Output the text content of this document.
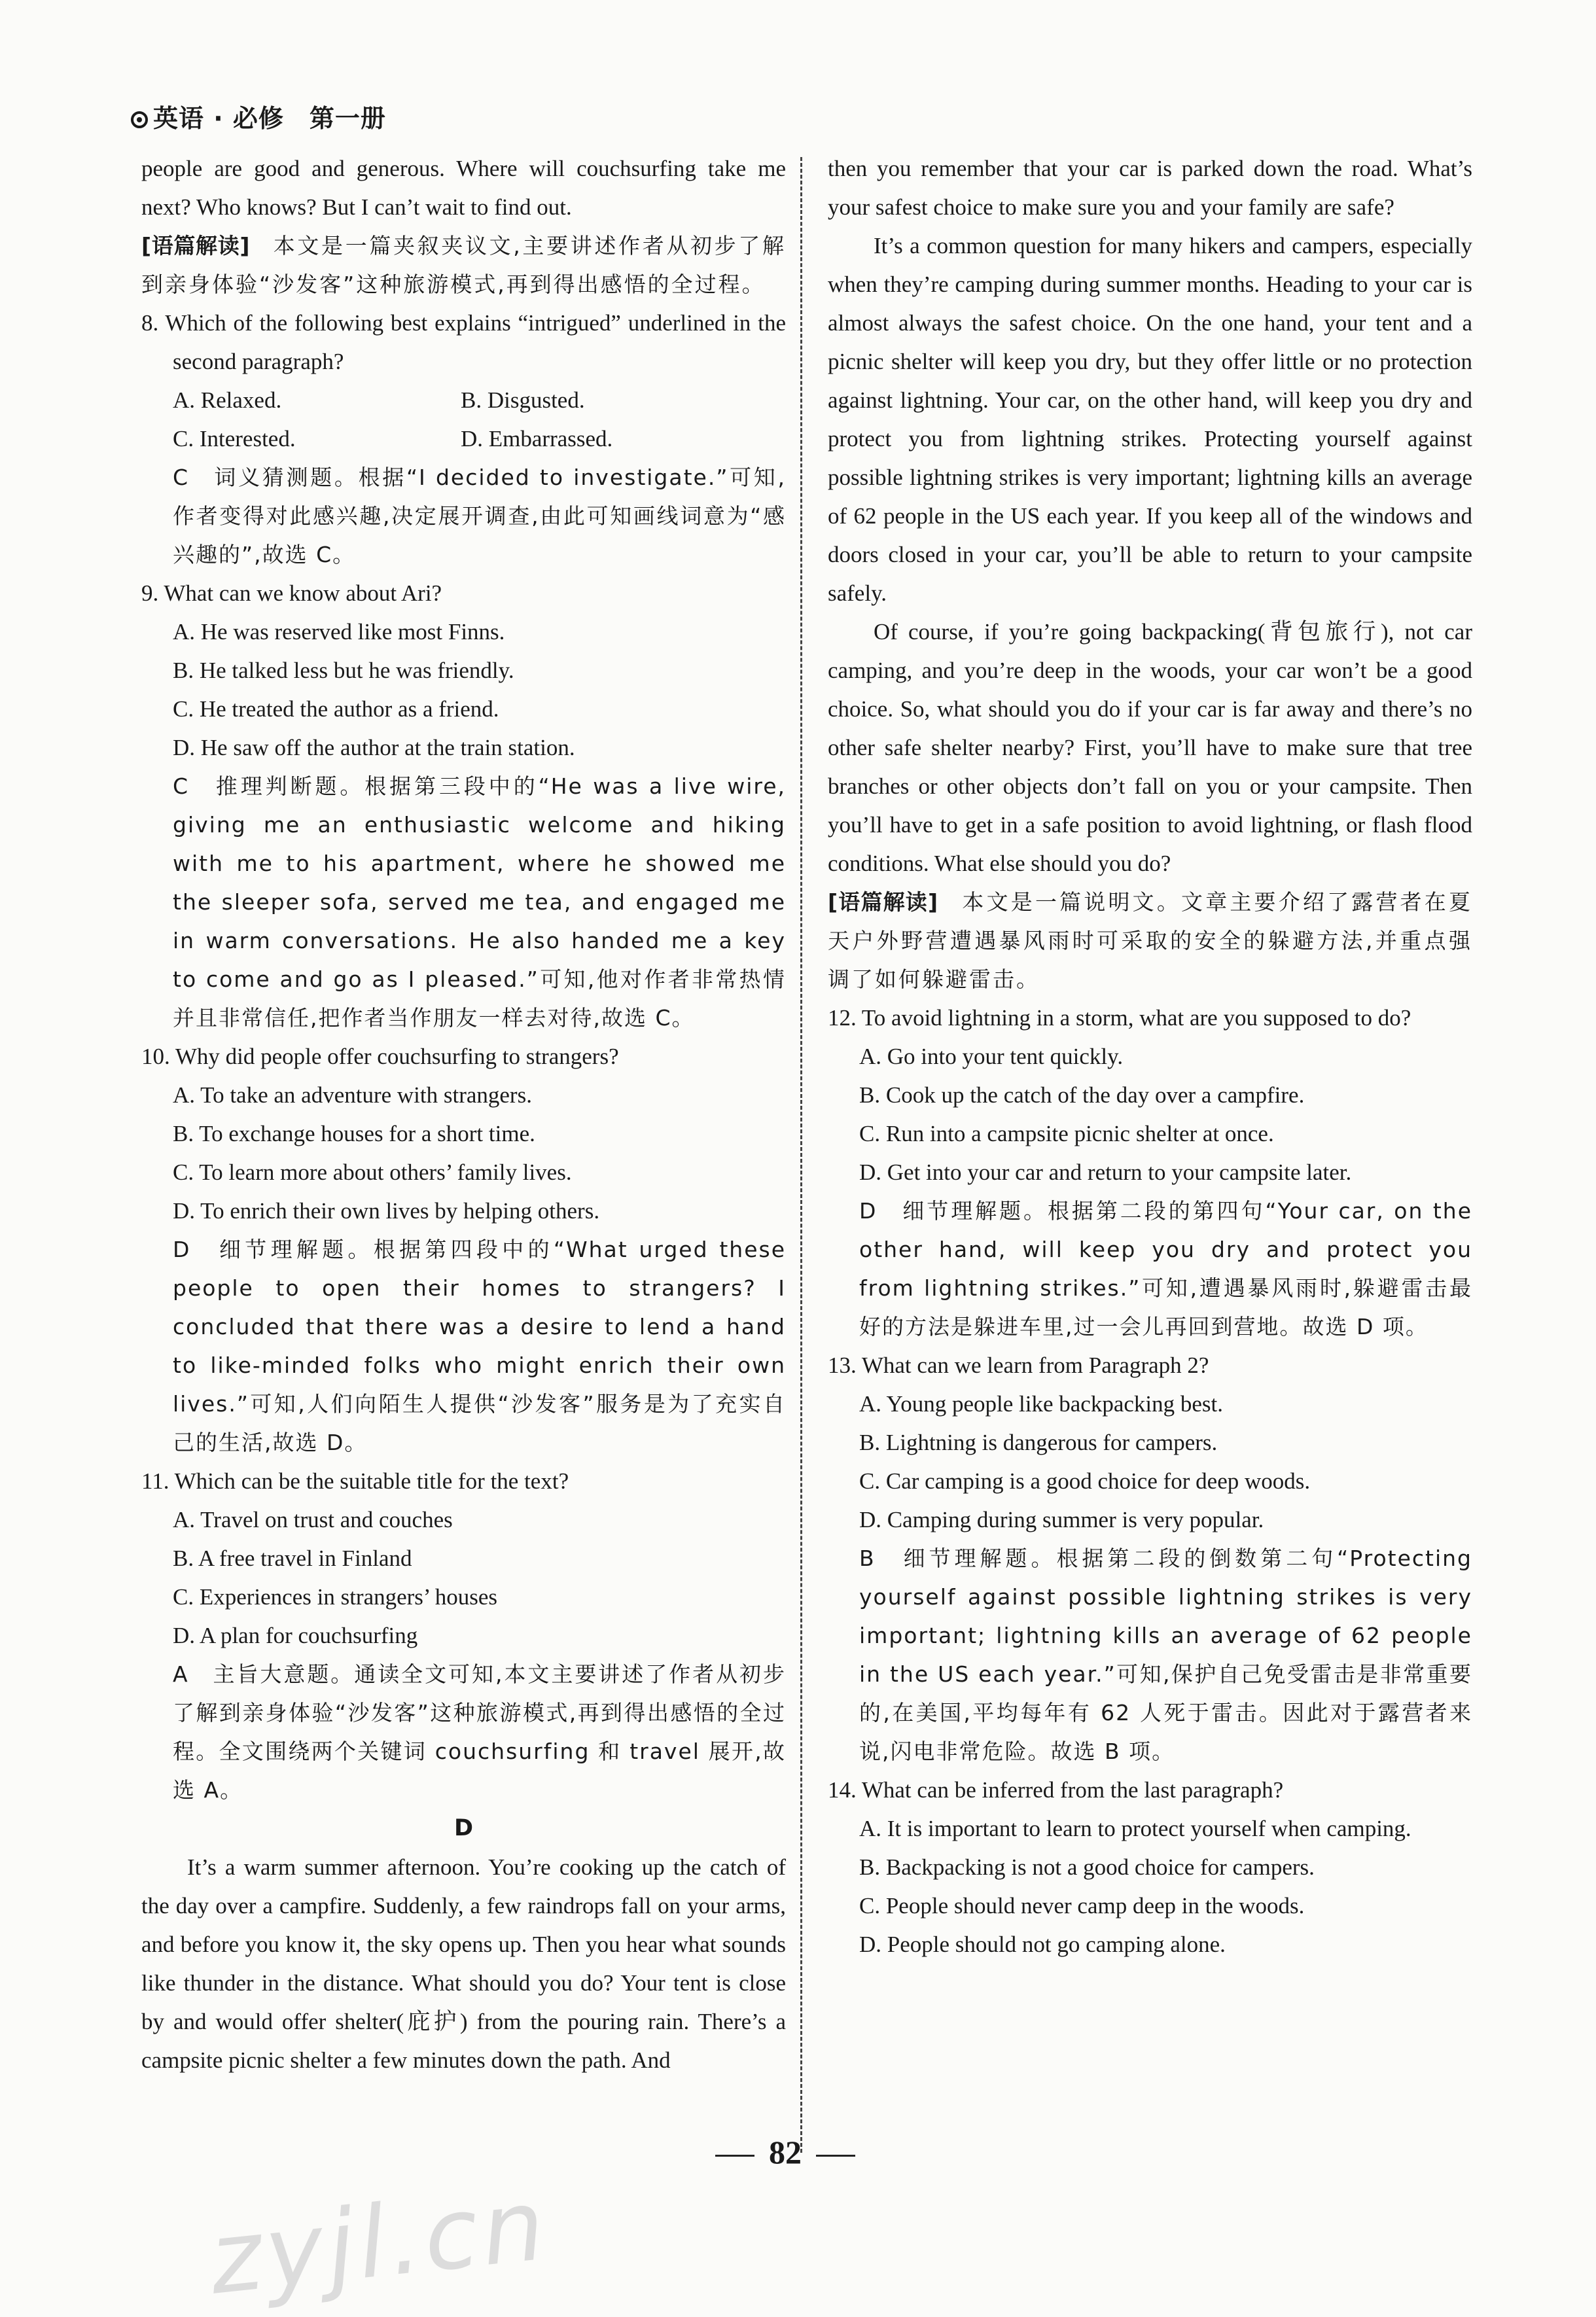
英语 · 必修　第一册

people are good and generous. Where will couchsurfing take me next? Who knows? But I can’t wait to find out.

[语篇解读]　 本文是一篇夹叙夹议文,主要讲述作者从初步了解到亲身体验“沙发客”这种旅游模式,再到得出感悟的全过程。

8. Which of the following best explains “intrigued” underlined in the second paragraph?

A. Relaxed.	B. Disgusted.
C. Interested.	D. Embarrassed.

C　词义猜测题。根据“I decided to investigate.”可知,作者变得对此感兴趣,决定展开调查,由此可知画线词意为“感兴趣的”,故选 C。

9. What can we know about Ari?

A. He was reserved like most Finns.

B. He talked less but he was friendly.

C. He treated the author as a friend.

D. He saw off the author at the train station.

C　推理判断题。根据第三段中的“He was a live wire, giving me an enthusiastic welcome and hiking with me to his apartment, where he showed me the sleeper sofa, served me tea, and engaged me in warm conversations. He also handed me a key to come and go as I pleased.”可知,他对作者非常热情并且非常信任,把作者当作朋友一样去对待,故选 C。

10. Why did people offer couchsurfing to strangers?

A. To take an adventure with strangers.

B. To exchange houses for a short time.

C. To learn more about others’ family lives.

D. To enrich their own lives by helping others.

D　细节理解题。根据第四段中的“What urged these people to open their homes to strangers? I concluded that there was a desire to lend a hand to like-minded folks who might enrich their own lives.”可知,人们向陌生人提供“沙发客”服务是为了充实自己的生活,故选 D。

11. Which can be the suitable title for the text?

A. Travel on trust and couches

B. A free travel in Finland

C. Experiences in strangers’ houses

D. A plan for couchsurfing

A　主旨大意题。通读全文可知,本文主要讲述了作者从初步了解到亲身体验“沙发客”这种旅游模式,再到得出感悟的全过程。全文围绕两个关键词 couchsurfing 和 travel 展开,故选 A。

D

It’s a warm summer afternoon. You’re cooking up the catch of the day over a campfire. Suddenly, a few raindrops fall on your arms, and before you know it, the sky opens up. Then you hear what sounds like thunder in the distance. What should you do? Your tent is close by and would offer shelter(庇护) from the pouring rain. There’s a campsite picnic shelter a few minutes down the path. And

then you remember that your car is parked down the road. What’s your safest choice to make sure you and your family are safe?

It’s a common question for many hikers and campers, especially when they’re camping during summer months. Heading to your car is almost always the safest choice. On the one hand, your tent and a picnic shelter will keep you dry, but they offer little or no protection against lightning. Your car, on the other hand, will keep you dry and protect you from lightning strikes. Protecting yourself against possible lightning strikes is very important; lightning kills an average of 62 people in the US each year. If you keep all of the windows and doors closed in your car, you’ll be able to return to your campsite safely.

Of course, if you’re going backpacking(背包旅行), not car camping, and you’re deep in the woods, your car won’t be a good choice. So, what should you do if your car is far away and there’s no other safe shelter nearby? First, you’ll have to make sure that tree branches or other objects don’t fall on you or your campsite. Then you’ll have to get in a safe position to avoid lightning, or flash flood conditions. What else should you do?

[语篇解读]　 本文是一篇说明文。文章主要介绍了露营者在夏天户外野营遭遇暴风雨时可采取的安全的躲避方法,并重点强调了如何躲避雷击。

12. To avoid lightning in a storm, what are you supposed to do?

A. Go into your tent quickly.

B. Cook up the catch of the day over a campfire.

C. Run into a campsite picnic shelter at once.

D. Get into your car and return to your campsite later.

D　细节理解题。根据第二段的第四句“Your car, on the other hand, will keep you dry and protect you from lightning strikes.”可知,遭遇暴风雨时,躲避雷击最好的方法是躲进车里,过一会儿再回到营地。故选 D 项。

13. What can we learn from Paragraph 2?

A. Young people like backpacking best.

B. Lightning is dangerous for campers.

C. Car camping is a good choice for deep woods.

D. Camping during summer is very popular.

B　细节理解题。根据第二段的倒数第二句“Protecting yourself against possible lightning strikes is very important; lightning kills an average of 62 people in the US each year.”可知,保护自己免受雷击是非常重要的,在美国,平均每年有 62 人死于雷击。因此对于露营者来说,闪电非常危险。故选 B 项。

14. What can be inferred from the last paragraph?

A. It is important to learn to protect yourself when camping.

B. Backpacking is not a good choice for campers.

C. People should never camp deep in the woods.

D. People should not go camping alone.

82
zyjl.cn
